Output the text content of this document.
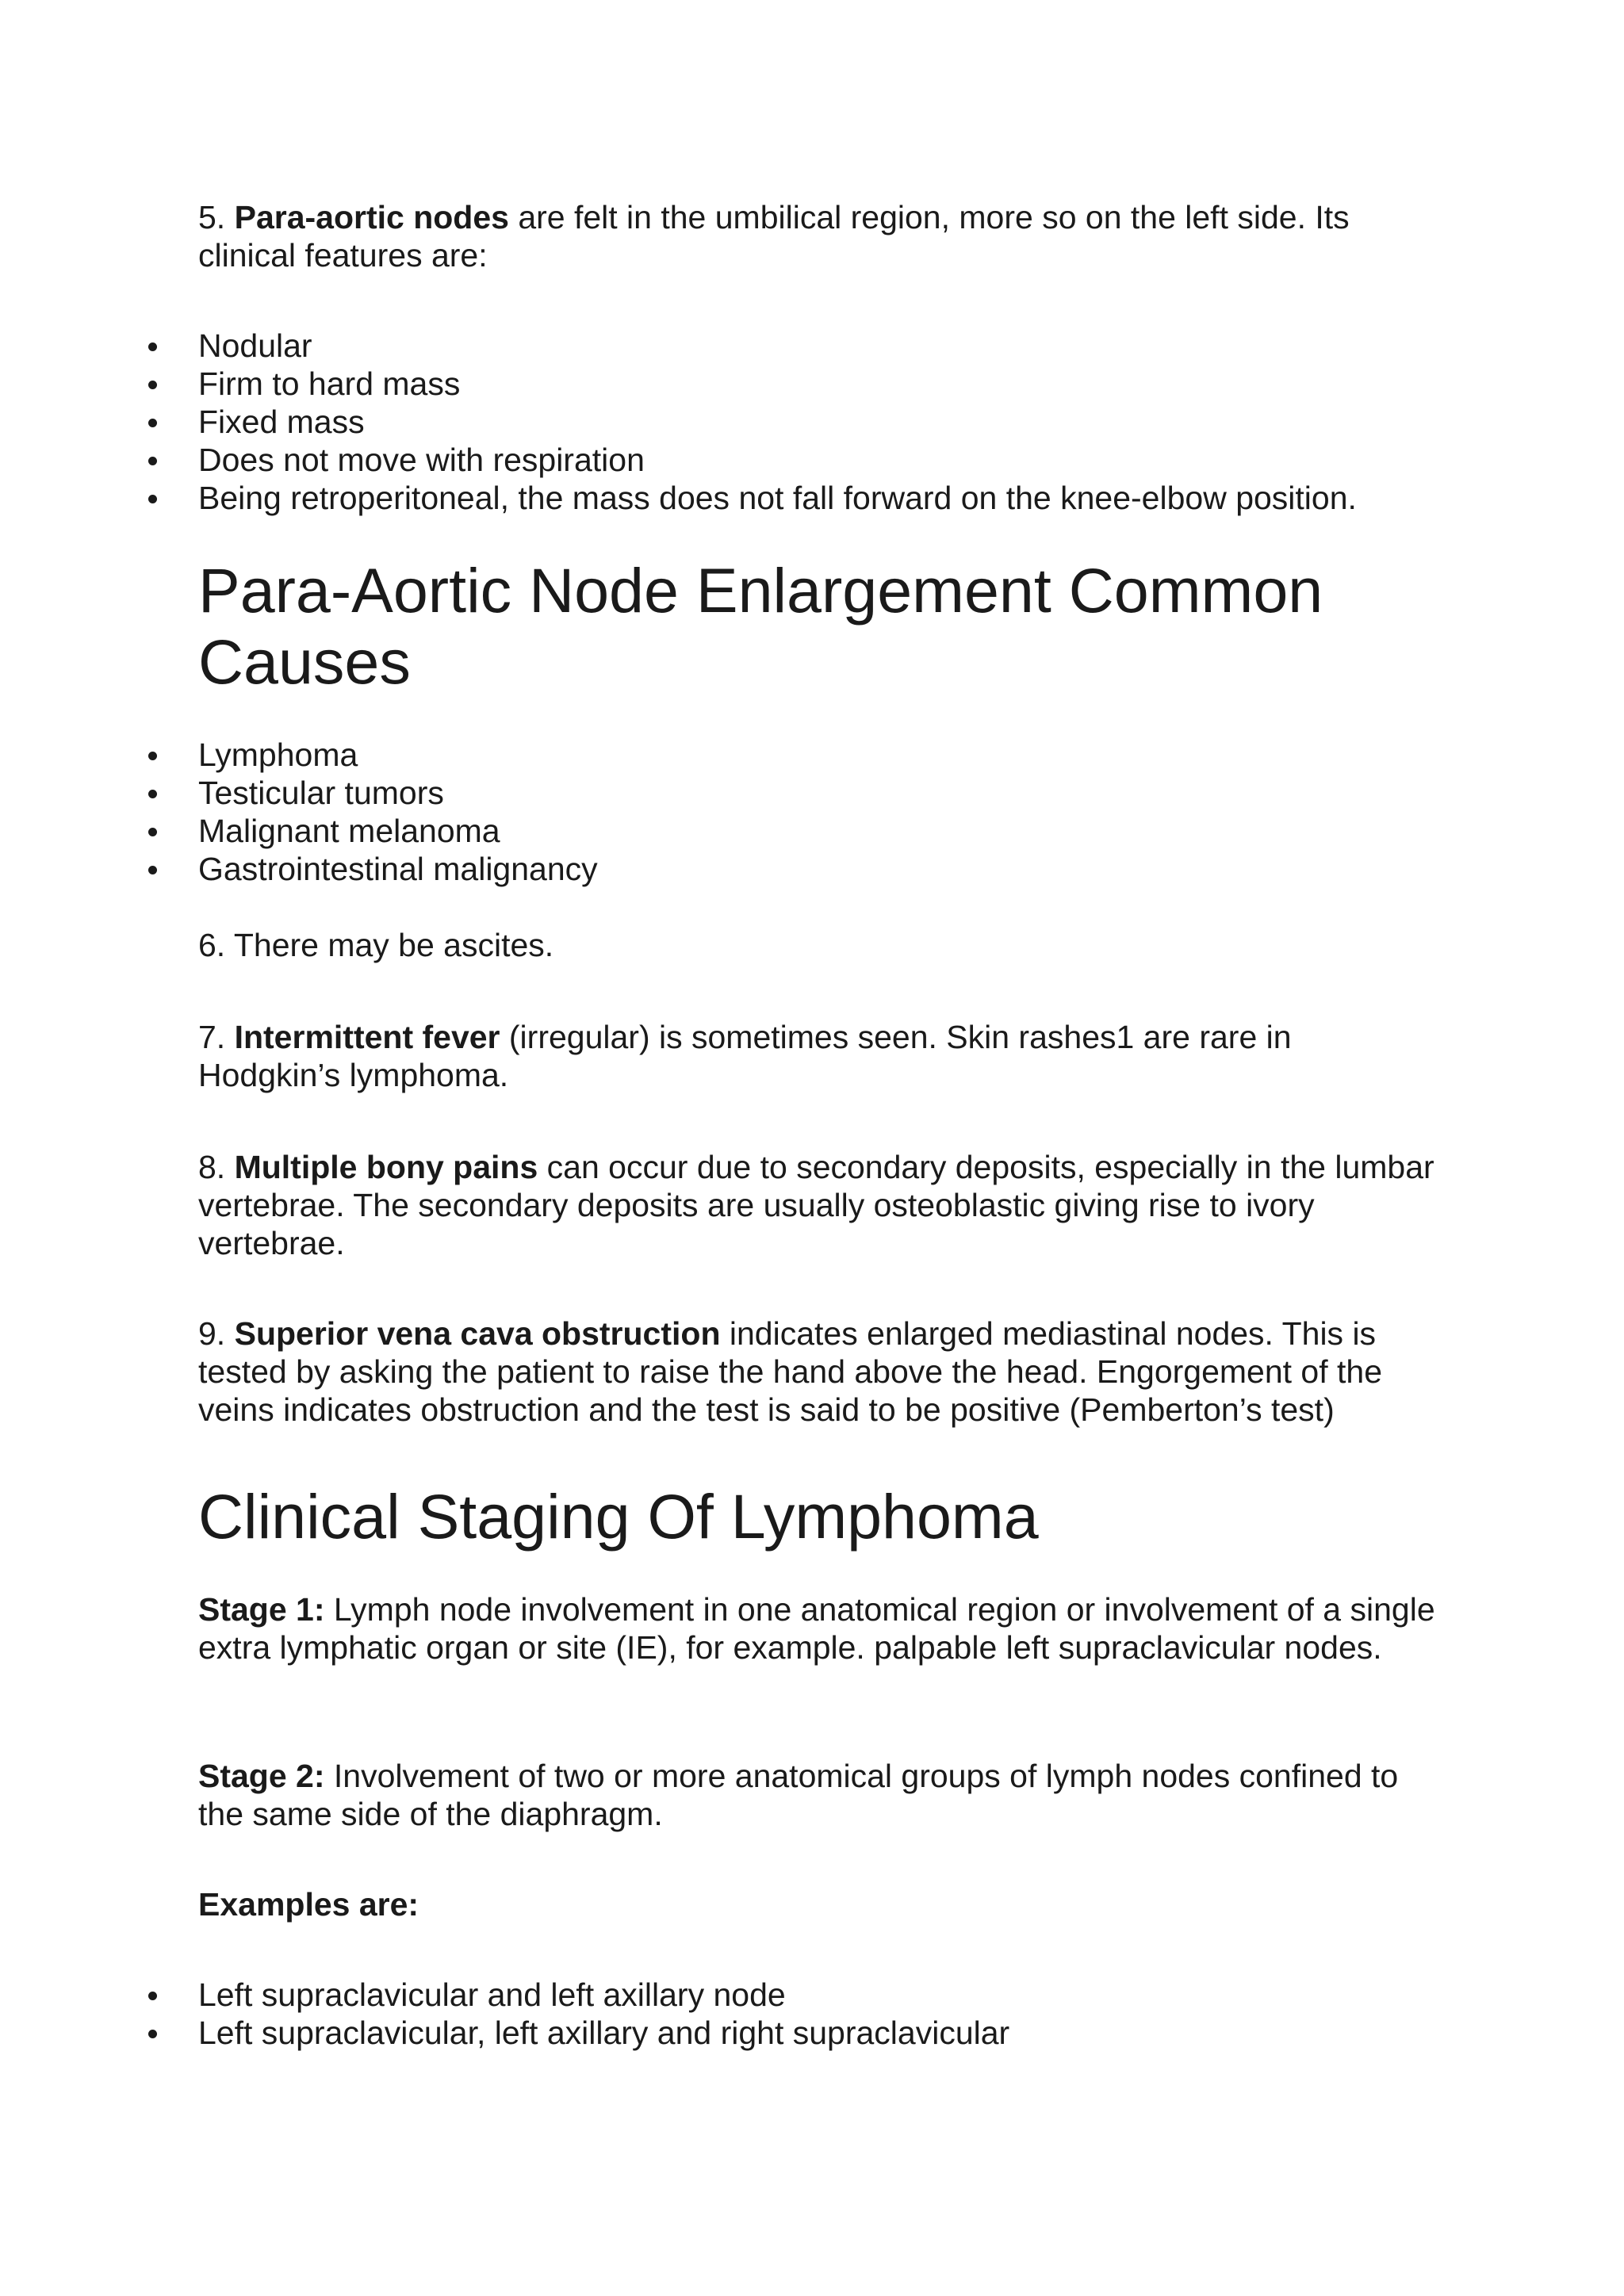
5. Para-aortic nodes are felt in the umbilical region, more so on the left side. Its clinical features are:

Nodular
Firm to hard mass
Fixed mass
Does not move with respiration
Being retroperitoneal, the mass does not fall forward on the knee-elbow position.
Para-Aortic Node Enlargement Common Causes
Lymphoma
Testicular tumors
Malignant melanoma
Gastrointestinal malignancy

6. There may be ascites.

7. Intermittent fever (irregular) is sometimes seen. Skin rashes1 are rare in Hodgkin’s lymphoma.

8. Multiple bony pains can occur due to secondary deposits, especially in the lumbar vertebrae. The secondary deposits are usually osteoblastic giving rise to ivory vertebrae.

9. Superior vena cava obstruction indicates enlarged mediastinal nodes. This is tested by asking the patient to raise the hand above the head. Engorgement of the veins indicates obstruction and the test is said to be positive (Pemberton’s test)

Clinical Staging Of Lymphoma

Stage 1: Lymph node involvement in one anatomical region or involvement of a single extra lymphatic organ or site (IE), for example. palpable left supraclavicular nodes.

Stage 2: Involvement of two or more anatomical groups of lymph nodes confined to the same side of the diaphragm.

Examples are:

Left supraclavicular and left axillary node
Left supraclavicular, left axillary and right supraclavicular
